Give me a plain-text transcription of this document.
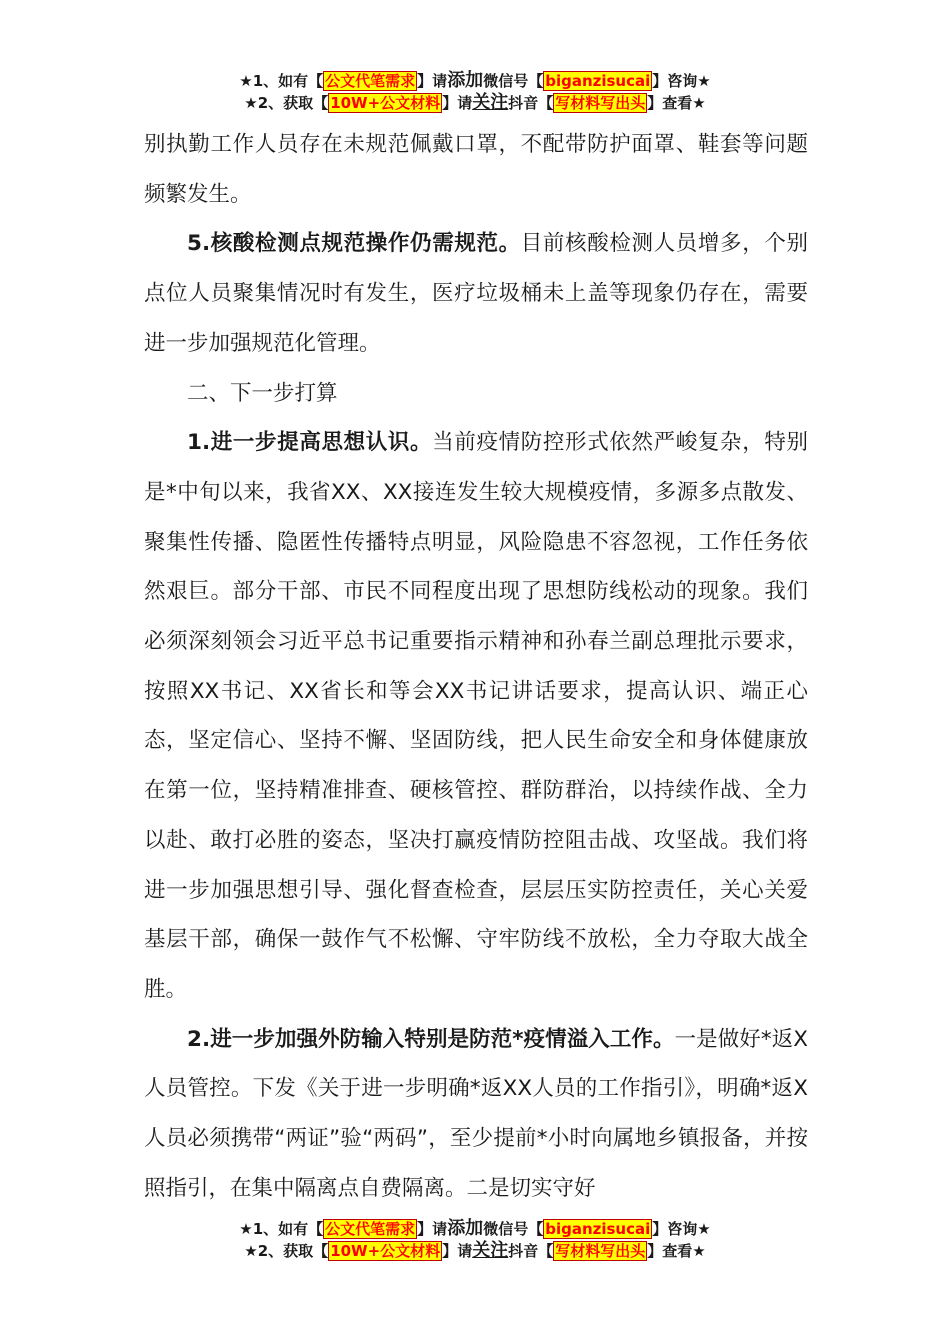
★1、如有【 公文代笔需求 】请添加微信号【 biganzisucai 】咨询★
★2、获取【 10W+公文材料 】请关注抖音【 写材料写出头 】查看★

别执勤工作人员存在未规范佩戴口罩，不配带防护面罩、鞋套等问题频繁发生。

5.核酸检测点规范操作仍需规范。目前核酸检测人员增多，个别点位人员聚集情况时有发生，医疗垃圾桶未上盖等现象仍存在，需要进一步加强规范化管理。

二、下一步打算

1.进一步提高思想认识。当前疫情防控形式依然严峻复杂，特别是*中旬以来，我省XX、XX接连发生较大规模疫情，多源多点散发、聚集性传播、隐匿性传播特点明显，风险隐患不容忽视，工作任务依然艰巨。部分干部、市民不同程度出现了思想防线松动的现象。我们必须深刻领会习近平总书记重要指示精神和孙春兰副总理批示要求，按照XX书记、XX省长和等会XX书记讲话要求，提高认识、端正心态，坚定信心、坚持不懈、坚固防线，把人民生命安全和身体健康放在第一位，坚持精准排查、硬核管控、群防群治，以持续作战、全力以赴、敢打必胜的姿态，坚决打赢疫情防控阻击战、攻坚战。我们将进一步加强思想引导、强化督查检查，层层压实防控责任，关心关爱基层干部，确保一鼓作气不松懈、守牢防线不放松，全力夺取大战全胜。

2.进一步加强外防输入特别是防范*疫情溢入工作。一是做好*返X人员管控。下发《关于进一步明确*返XX人员的工作指引》，明确*返X人员必须携带“两证”验“两码”，至少提前*小时向属地乡镇报备，并按照指引，在集中隔离点自费隔离。二是切实守好

★1、如有【 公文代笔需求 】请添加微信号【 biganzisucai 】咨询★
★2、获取【 10W+公文材料 】请关注抖音【 写材料写出头 】查看★
